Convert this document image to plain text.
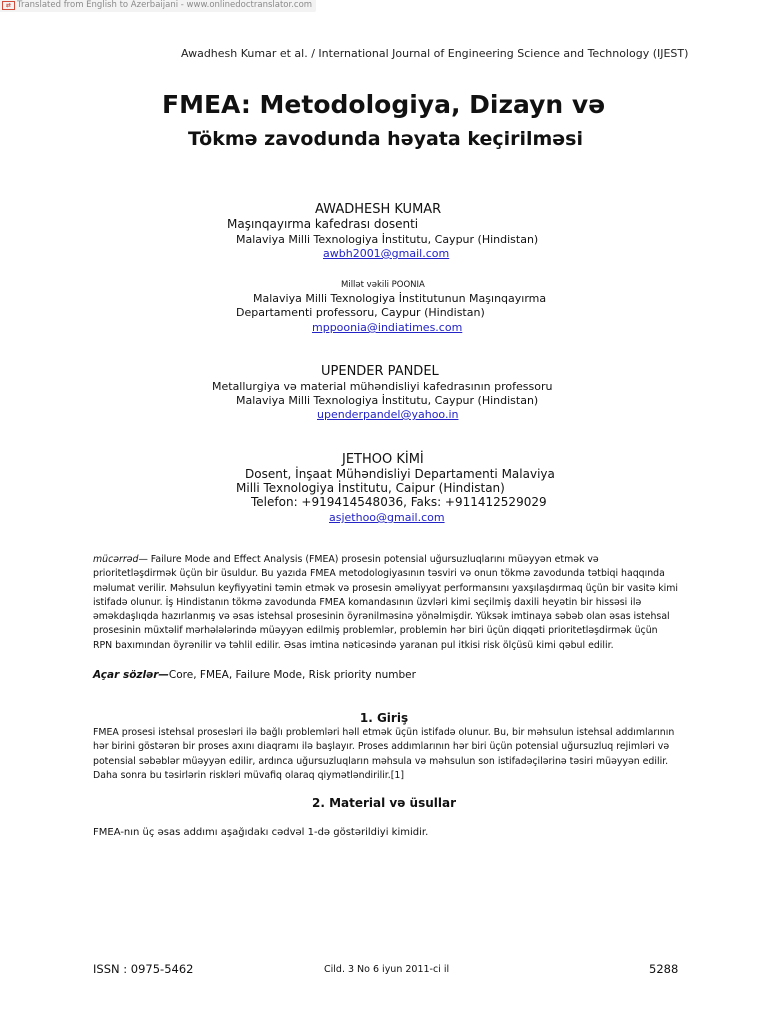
⇄ Translated from English to Azerbaijani - www.onlinedoctranslator.com
Awadhesh Kumar et al. / International Journal of Engineering Science and Technology (IJEST)
FMEA: Metodologiya, Dizayn və
Tökmə zavodunda həyata keçirilməsi
AWADHESH KUMAR
Maşınqayırma kafedrası dosenti
Malaviya Milli Texnologiya İnstitutu, Caypur (Hindistan)
awbh2001@gmail.com
Millət vəkili POONIA
Malaviya Milli Texnologiya İnstitutunun Maşınqayırma
Departamenti professoru, Caypur (Hindistan)
mppoonia@indiatimes.com
UPENDER PANDEL
Metallurgiya və material mühəndisliyi kafedrasının professoru
Malaviya Milli Texnologiya İnstitutu, Caypur (Hindistan)
upenderpandel@yahoo.in
JETHOO KİMİ
Dosent, İnşaat Mühəndisliyi Departamenti Malaviya
Milli Texnologiya İnstitutu, Caipur (Hindistan)
Telefon: +919414548036, Faks: +911412529029
asjethoo@gmail.com

mücərrəd— Failure Mode and Effect Analysis (FMEA) prosesin potensial uğursuzluqlarını müəyyən etmək və prioritetləşdirmək üçün bir üsuldur. Bu yazıda FMEA metodologiyasının təsviri və onun tökmə zavodunda tətbiqi haqqında məlumat verilir. Məhsulun keyfiyyətini təmin etmək və prosesin əməliyyat performansını yaxşılaşdırmaq üçün bir vasitə kimi istifadə olunur. İş Hindistanın tökmə zavodunda FMEA komandasının üzvləri kimi seçilmiş daxili heyətin bir hissəsi ilə əməkdaşlıqda hazırlanmış və əsas istehsal prosesinin öyrənilməsinə yönəlmişdir. Yüksək imtinaya səbəb olan əsas istehsal prosesinin müxtəlif mərhələlərində müəyyən edilmiş problemlər, problemin hər biri üçün diqqəti prioritetləşdirmək üçün RPN baxımından öyrənilir və təhlil edilir. Əsas imtina nəticəsində yaranan pul itkisi risk ölçüsü kimi qəbul edilir.

Açar sözlər—Core, FMEA, Failure Mode, Risk priority number
1. Giriş

FMEA prosesi istehsal prosesləri ilə bağlı problemləri həll etmək üçün istifadə olunur. Bu, bir məhsulun istehsal addımlarının hər birini göstərən bir proses axını diaqramı ilə başlayır. Proses addımlarının hər biri üçün potensial uğursuzluq rejimləri və potensial səbəblər müəyyən edilir, ardınca uğursuzluqların məhsula və məhsulun son istifadəçilərinə təsiri müəyyən edilir. Daha sonra bu təsirlərin riskləri müvafiq olaraq qiymətləndirilir.[1]

2. Material və üsullar

FMEA-nın üç əsas addımı aşağıdakı cədvəl 1-də göstərildiyi kimidir.

ISSN : 0975-5462	Cild. 3 No 6 iyun 2011-ci il	5288
